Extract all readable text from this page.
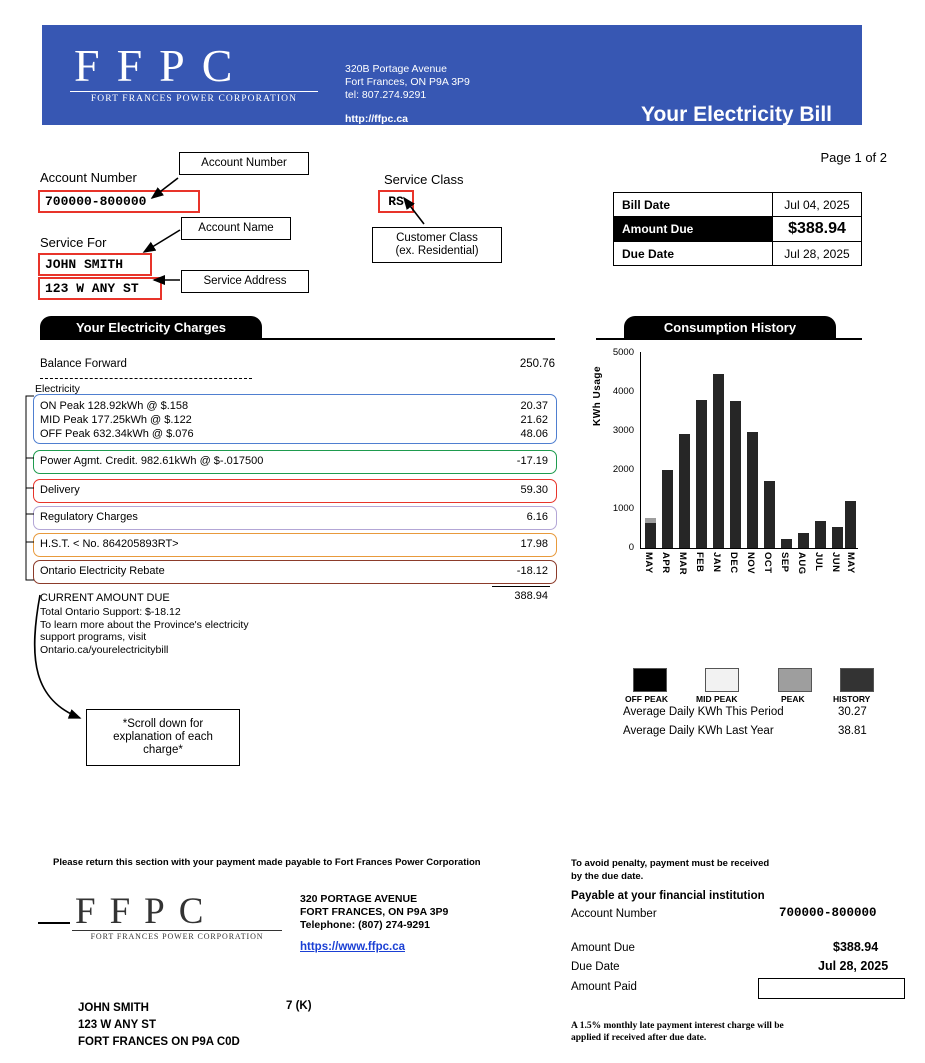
FFPC
FORT FRANCES POWER CORPORATION
320B Portage Avenue
Fort Frances, ON P9A 3P9
tel: 807.274.9291
http://ffpc.ca	Your Electricity Bill
Page 1 of 2
Account Number
700000-800000
Service For
JOHN SMITH
123 W ANY ST
Service Class
RS
Account Number
Account Name
Service Address
Customer Class
(ex. Residential)
*Scroll down for
explanation of each
charge*
Bill Date	Jul 04, 2025
Amount Due	$388.94
Due Date	Jul 28, 2025
Your Electricity Charges
Balance Forward	250.76
Electricity
ON Peak 128.92kWh @ $.158	20.37
MID Peak 177.25kWh @ $.122	21.62
OFF Peak 632.34kWh @ $.076	48.06
Power Agmt. Credit. 982.61kWh @ $-.017500	-17.19
Delivery	59.30
Regulatory Charges	6.16
H.S.T. < No. 864205893RT>	17.98
Ontario Electricity Rebate	-18.12
CURRENT AMOUNT DUE	388.94
Total Ontario Support: $-18.12
To learn more about the Province's electricity
support programs, visit
Ontario.ca/yourelectricitybill
Consumption History
KWh Usage
5000
4000
3000
2000
1000
0
MAY APR MAR FEB JAN DEC NOV OCT SEP AUG JUL JUN MAY
OFF PEAK	MID PEAK	PEAK	HISTORY
Average Daily KWh This Period	30.27
Average Daily KWh Last Year	38.81
Please return this section with your payment made payable to Fort Frances Power Corporation
FFPC
FORT FRANCES POWER CORPORATION
320 PORTAGE AVENUE
FORT FRANCES, ON P9A 3P9
Telephone: (807) 274-9291
https://www.ffpc.ca
JOHN SMITH
123 W ANY ST
FORT FRANCES ON P9A C0D
7 (K)
To avoid penalty, payment must be received
by the due date.
Payable at your financial institution
Account Number	700000-800000
Amount Due	$388.94
Due Date	Jul 28, 2025
Amount Paid
A 1.5% monthly late payment interest charge will be
applied if received after due date.
